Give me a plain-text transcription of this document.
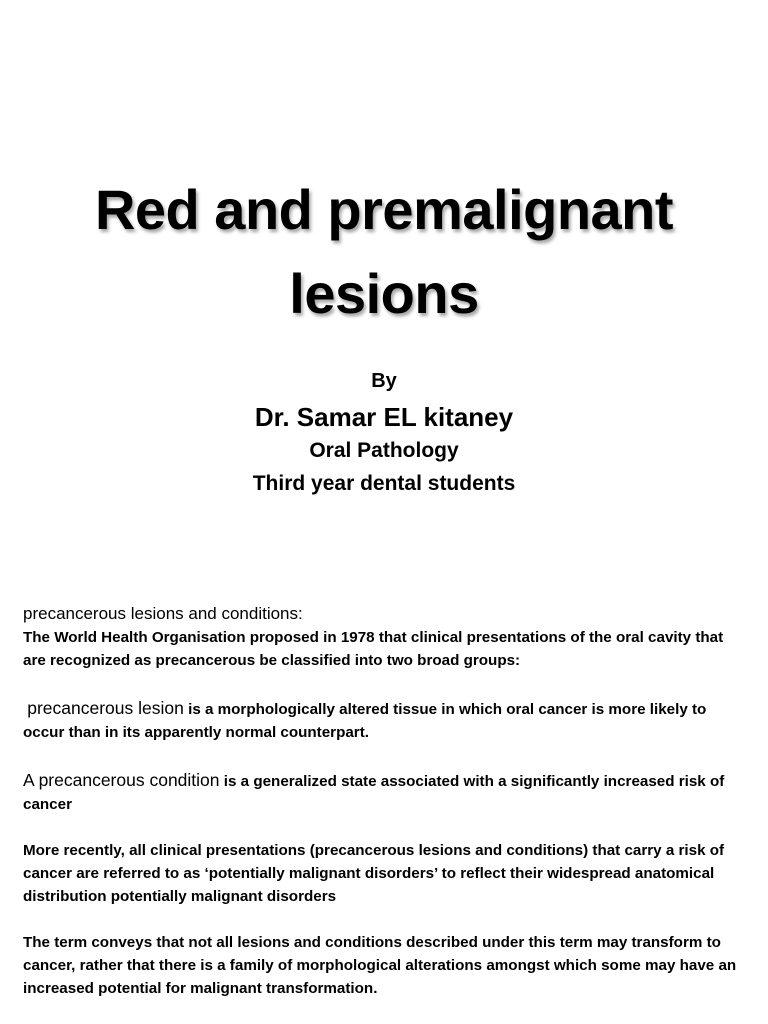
Red and premalignant
lesions
By
Dr. Samar EL kitaney
Oral Pathology
Third year dental students
precancerous lesions and conditions:

The World Health Organisation proposed in 1978 that clinical presentations of the oral cavity that are recognized as precancerous be classified into two broad groups:

precancerous lesion is a morphologically altered tissue in which oral cancer is more likely to occur than in its apparently normal counterpart.

A precancerous condition is a generalized state associated with a significantly increased risk of cancer

More recently, all clinical presentations (precancerous lesions and conditions) that carry a risk of cancer are referred to as ‘potentially malignant disorders’ to reflect their widespread anatomical distribution potentially malignant disorders

The term conveys that not all lesions and conditions described under this term may transform to cancer, rather that there is a family of morphological alterations amongst which some may have an increased potential for malignant transformation.
